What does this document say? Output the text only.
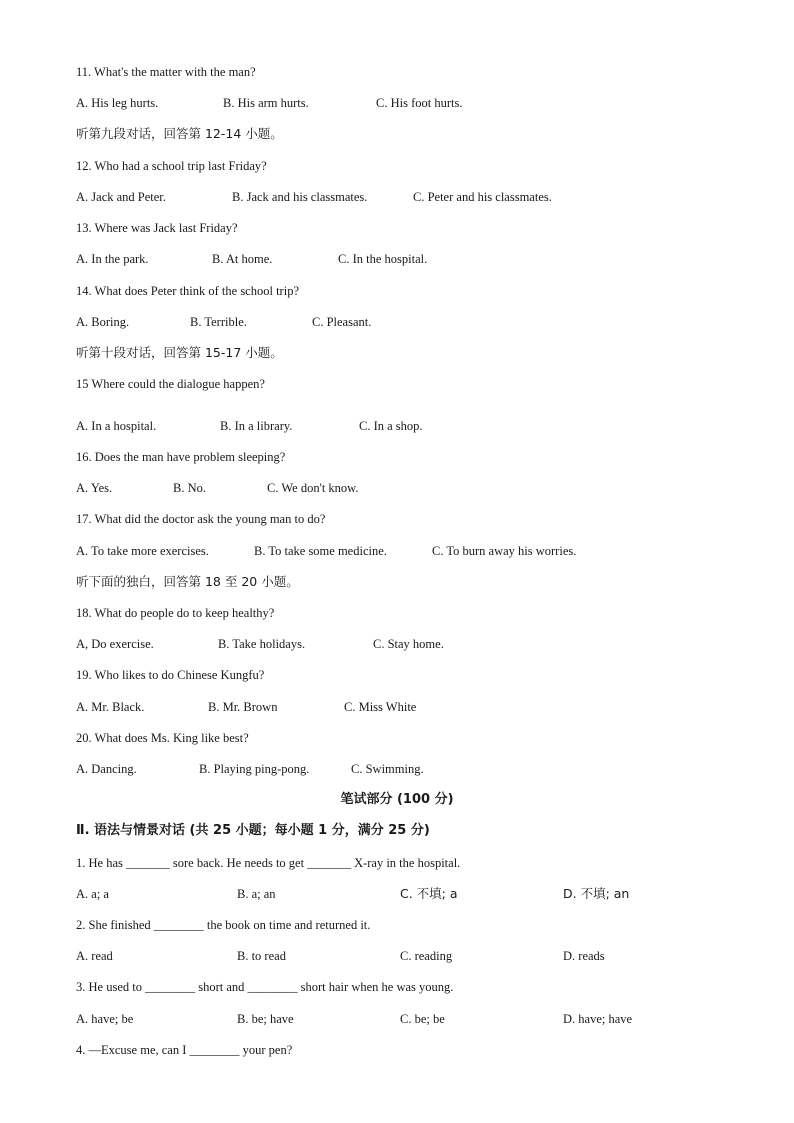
11. What's the matter with the man?
A. His leg hurts.	B. His arm hurts.	C. His foot hurts.
听第九段对话，回答第 12-14 小题。
12. Who had a school trip last Friday?
A. Jack and Peter.	B. Jack and his classmates.	C. Peter and his classmates.
13. Where was Jack last Friday?
A. In the park.	B. At home.	C. In the hospital.
14. What does Peter think of the school trip?
A. Boring.	B. Terrible.	C. Pleasant.
听第十段对话，回答第 15-17 小题。
15 Where could the dialogue happen?
A. In a hospital.	B. In a library.	C. In a shop.
16. Does the man have problem sleeping?
A. Yes.	B. No.	C. We don't know.
17. What did the doctor ask the young man to do?
A. To take more exercises.	B. To take some medicine.	C. To burn away his worries.
听下面的独白，回答第 18 至 20 小题。
18. What do people do to keep healthy?
A, Do exercise.	B. Take holidays.	C. Stay home.
19. Who likes to do Chinese Kungfu?
A. Mr. Black.	B. Mr. Brown	C. Miss White
20. What does Ms. King like best?
A. Dancing.	B. Playing ping-pong.	C. Swimming.
笔试部分 (100 分)
Ⅱ. 语法与情景对话 (共 25 小题；每小题 1 分，满分 25 分)
1. He has _______ sore back. He needs to get _______ X-ray in the hospital.
A. a; a	B. a; an	C. 不填; a	D. 不填; an
2. She finished ________ the book on time and returned it.
A. read	B. to read	C. reading	D. reads
3. He used to ________ short and ________ short hair when he was young.
A. have; be	B. be; have	C. be; be	D. have; have
4. —Excuse me, can I ________ your pen?
